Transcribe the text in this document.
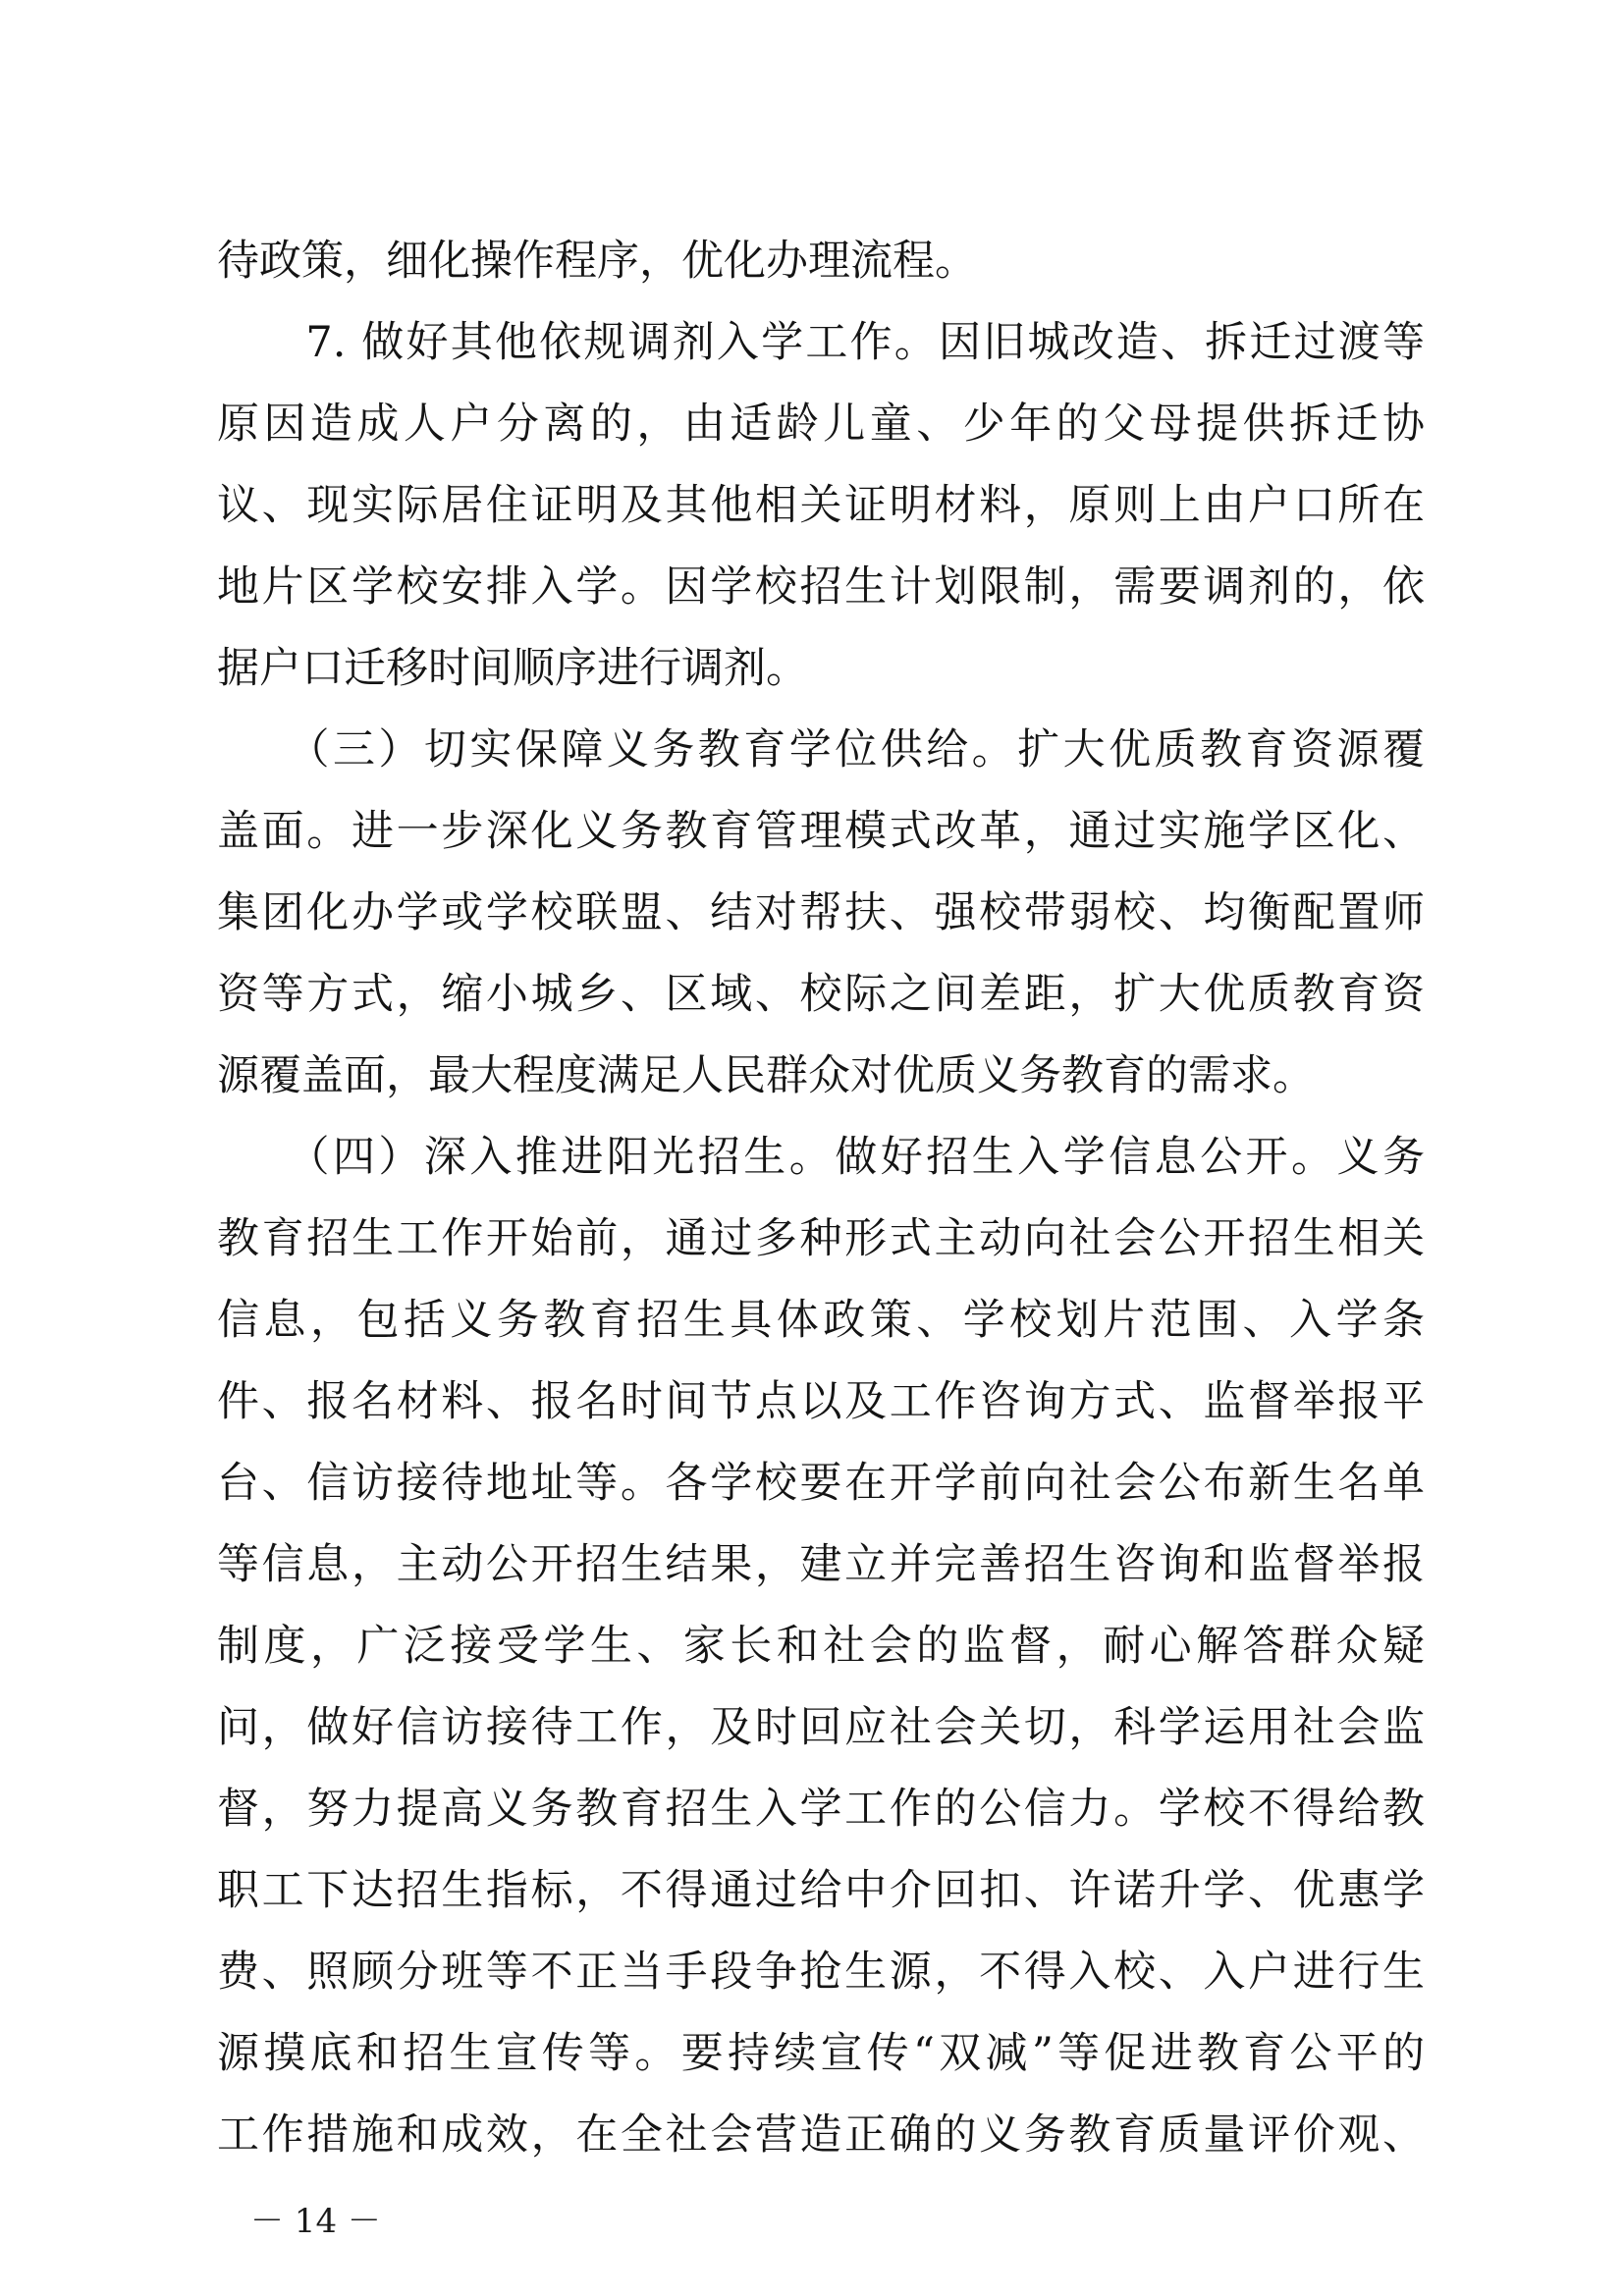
待政策，细化操作程序，优化办理流程。
　　7. 做好其他依规调剂入学工作。因旧城改造、拆迁过渡等
原因造成人户分离的，由适龄儿童、少年的父母提供拆迁协
议、现实际居住证明及其他相关证明材料，原则上由户口所在
地片区学校安排入学。因学校招生计划限制，需要调剂的，依
据户口迁移时间顺序进行调剂。
　　（三）切实保障义务教育学位供给。扩大优质教育资源覆
盖面。进一步深化义务教育管理模式改革，通过实施学区化、
集团化办学或学校联盟、结对帮扶、强校带弱校、均衡配置师
资等方式，缩小城乡、区域、校际之间差距，扩大优质教育资
源覆盖面，最大程度满足人民群众对优质义务教育的需求。
　　（四）深入推进阳光招生。做好招生入学信息公开。义务
教育招生工作开始前，通过多种形式主动向社会公开招生相关
信息，包括义务教育招生具体政策、学校划片范围、入学条
件、报名材料、报名时间节点以及工作咨询方式、监督举报平
台、信访接待地址等。各学校要在开学前向社会公布新生名单
等信息，主动公开招生结果，建立并完善招生咨询和监督举报
制度，广泛接受学生、家长和社会的监督，耐心解答群众疑
问，做好信访接待工作，及时回应社会关切，科学运用社会监
督，努力提高义务教育招生入学工作的公信力。学校不得给教
职工下达招生指标，不得通过给中介回扣、许诺升学、优惠学
费、照顾分班等不正当手段争抢生源，不得入校、入户进行生
源摸底和招生宣传等。要持续宣传“双减”等促进教育公平的
工作措施和成效，在全社会营造正确的义务教育质量评价观、
－ 14 －
